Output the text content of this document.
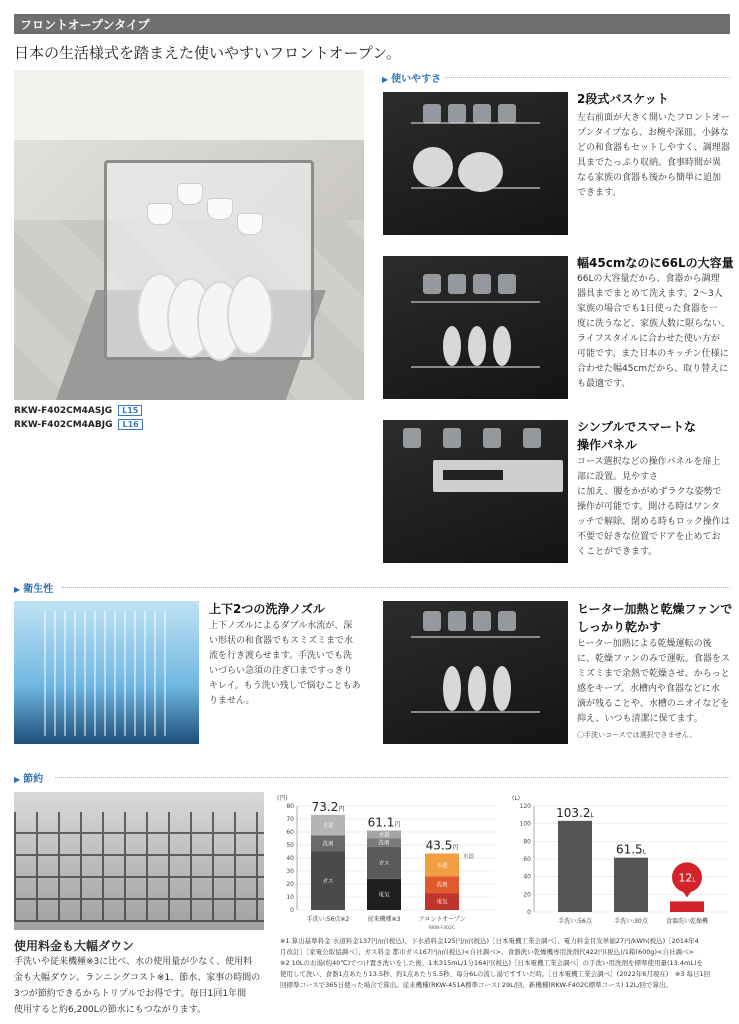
フロントオープンタイプ
日本の生活様式を踏まえた使いやすいフロントオープン。
RKW-F402CM4ASJG L15
RKW-F402CM4ABJG L16
▶ 使いやすさ
2段式バスケット
左右前面が大きく開いたフロントオー
プンタイプなら、お椀や深皿、小鉢な
どの和食器もセットしやすく、調理器
具までたっぷり収納。食事時間が異
なる家族の食器も後から簡単に追加
できます。
幅45cmなのに66Lの大容量
66Lの大容量だから、食器から調理
器具までまとめて洗えます。2～3人
家族の場合でも1日使った食器を一
度に洗うなど、家族人数に限らない、
ライフスタイルに合わせた使い方が
可能です。また日本のキッチン仕様に
合わせた幅45cmだから、取り替えに
も最適です。
シンプルでスマートな
操作パネル
コース選択などの操作パネルを扉上
部に設置。見やすさ
に加え、腰をかがめずラクな姿勢で
操作が可能です。開ける時はワンタ
ッチで解除、閉める時もロック操作は
不要で好きな位置でドアを止めてお
くことができます。
▶ 衛生性
上下2つの洗浄ノズル
上下ノズルによるダブル水流が、深
い形状の和食器でもスミズミまで水
流を行き渡らせます。手洗いでも洗
いづらい急須の注ぎ口まですっきり
キレイ。もう洗い残しで悩むこともあ
りません。
ヒーター加熱と乾燥ファンで
しっかり乾かす
ヒーター加熱による乾燥運転の後
に、乾燥ファンのみで運転。食器をス
ミズミまで余熱で乾燥させ、からっと
感をキープ。水槽内や食器などに水
滴が残ることや、水槽のニオイなどを
抑え、いつも清潔に保てます。
〇手洗いコースでは選択できません。
▶ 節約
(円)
0
10
20
30
40
50
60
70
80
ガス
洗剤
水道
73.2円
手洗い:56点※2
電気
ガス
洗剤
水道
61.1円
従来機種※3
電気
洗剤
水道
43.5円
フロントオープン
RKW-F402C
水道
(L)
0
20
40
60
80
100
120 103.2L
手洗い:56点
61.5L
手洗い:30点
12L
食器洗い乾燥機
使用料金も大幅ダウン
手洗いや従来機種※3に比べ、水の使用量が少なく、使用料
金も大幅ダウン。ランニングコスト※1、節水、家事の時間の
3つが節約できるからトリプルでお得です。毎日1回1年間
使用すると約6,200Lの節水にもつながります。
※1 算出基準料金 水道料金137円/㎥(税込)、下水道料金125円/㎥(税込)［日本電機工業会調べ］、電力料金目安単価27円/kWh(税込)［2014年4
月改訂］［家電公取協調べ］、ガス料金 都市ガス167円/㎥(税込)<自社調べ>、食器洗い乾燥機専用洗剤代422円(税込)/1箱(600g)<自社調べ>
※2 10Lのお湯(約40℃)でつけ置き洗いをした後、1本315mL/1分164円(税込)［日本電機工業会調べ］の手洗い用洗剤を標準使用量(13.4mL)を
使用して洗い、食器1点あたり13.5秒、約1点あたり5.5秒、毎分6Lの流し湯ですすいだ時。［日本電機工業会調べ］(2022年6月現在)　※3 毎日1回
回標準コースで365日使った場合で算出。従来機種(RKW-451A標準コース) 29L/回、新機種(RKW-F402C標準コース) 12L/回で算出。
